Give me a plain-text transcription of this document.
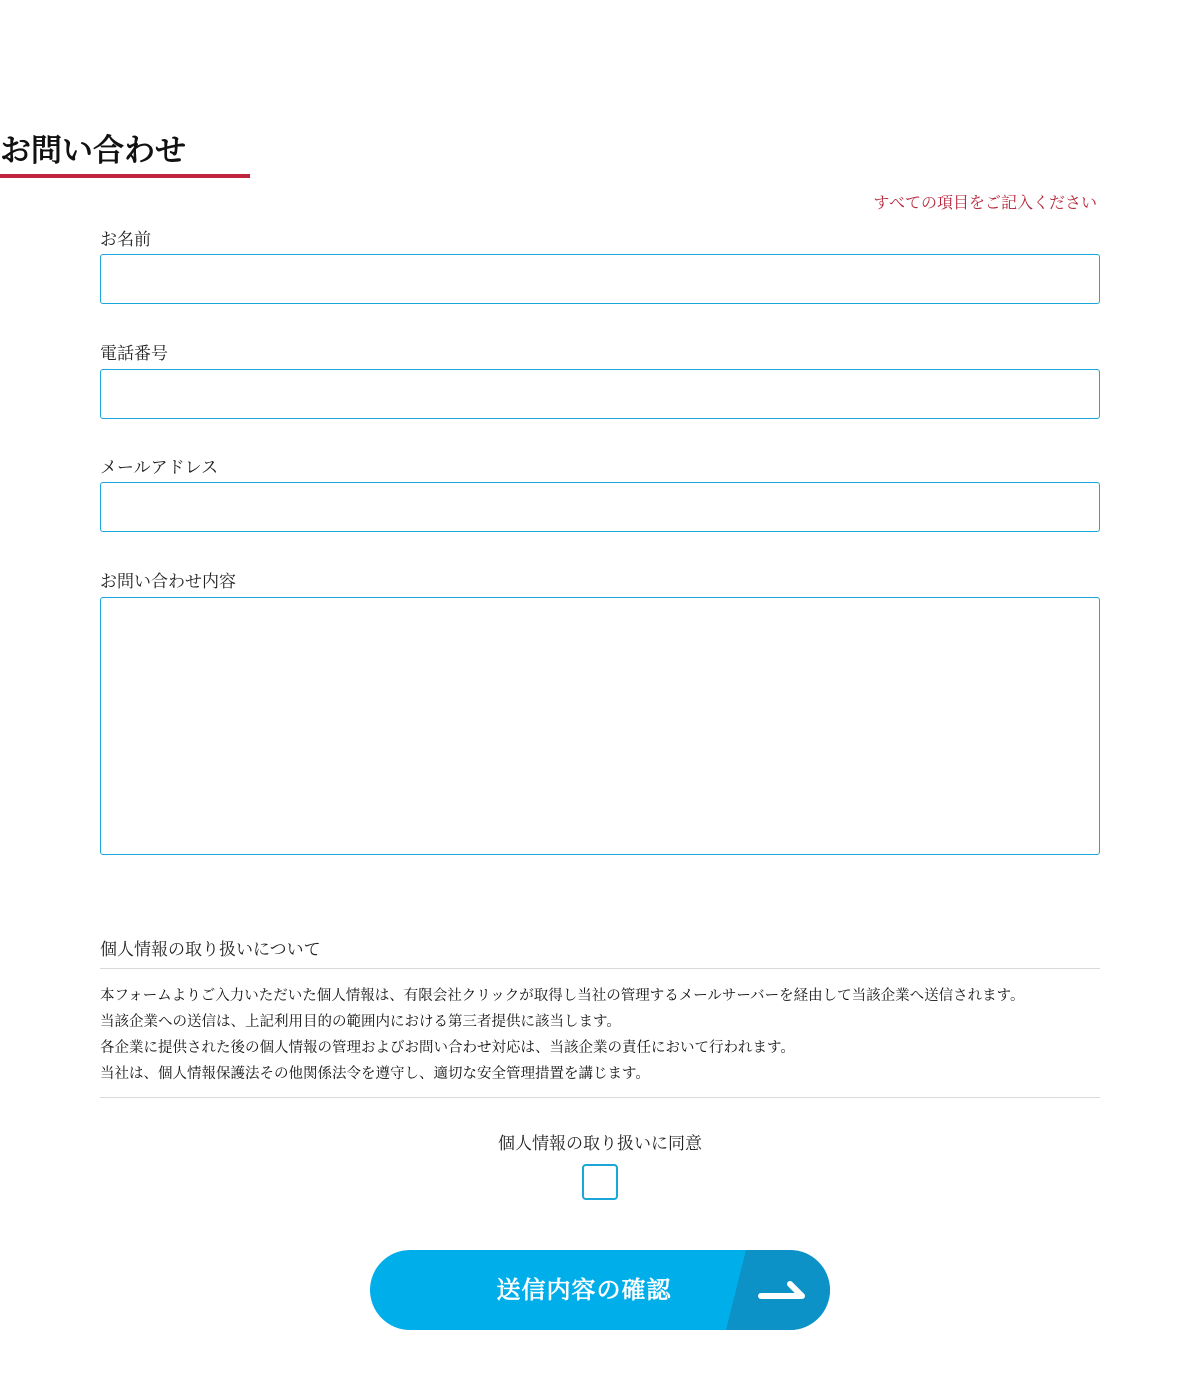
お問い合わせ
すべての項目をご記入ください
お名前
電話番号
メールアドレス
お問い合わせ内容
個人情報の取り扱いについて
本フォームよりご入力いただいた個人情報は、有限会社クリックが取得し当社の管理するメールサーバーを経由して当該企業へ送信されます。
当該企業への送信は、上記利用目的の範囲内における第三者提供に該当します。
各企業に提供された後の個人情報の管理およびお問い合わせ対応は、当該企業の責任において行われます。
当社は、個人情報保護法その他関係法令を遵守し、適切な安全管理措置を講じます。
個人情報の取り扱いに同意
送信内容の確認
